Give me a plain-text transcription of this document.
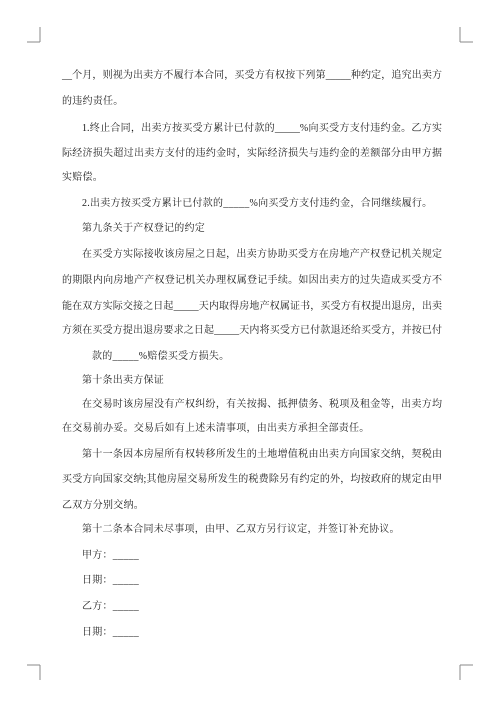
__个月，则视为出卖方不履行本合同，买受方有权按下列第_____种约定，追究出卖方
的违约责任。
1.终止合同，出卖方按买受方累计已付款的_____%向买受方支付违约金。乙方实
际经济损失超过出卖方支付的违约金时，实际经济损失与违约金的差额部分由甲方据
实赔偿。
2.出卖方按买受方累计已付款的_____%向买受方支付违约金，合同继续履行。
第九条关于产权登记的约定
在买受方实际接收该房屋之日起，出卖方协助买受方在房地产产权登记机关规定
的期限内向房地产产权登记机关办理权属登记手续。如因出卖方的过失造成买受方不
能在双方实际交接之日起_____天内取得房地产权属证书，买受方有权提出退房，出卖
方须在买受方提出退房要求之日起_____天内将买受方已付款退还给买受方，并按已付
款的_____%赔偿买受方损失。
第十条出卖方保证
在交易时该房屋没有产权纠纷，有关按揭、抵押债务、税项及租金等，出卖方均
在交易前办妥。交易后如有上述未清事项，由出卖方承担全部责任。
第十一条因本房屋所有权转移所发生的土地增值税由出卖方向国家交纳，契税由
买受方向国家交纳;其他房屋交易所发生的税费除另有约定的外，均按政府的规定由甲
乙双方分别交纳。
第十二条本合同未尽事项，由甲、乙双方另行议定，并签订补充协议。
甲方：_____
日期：_____
乙方：_____
日期：_____
